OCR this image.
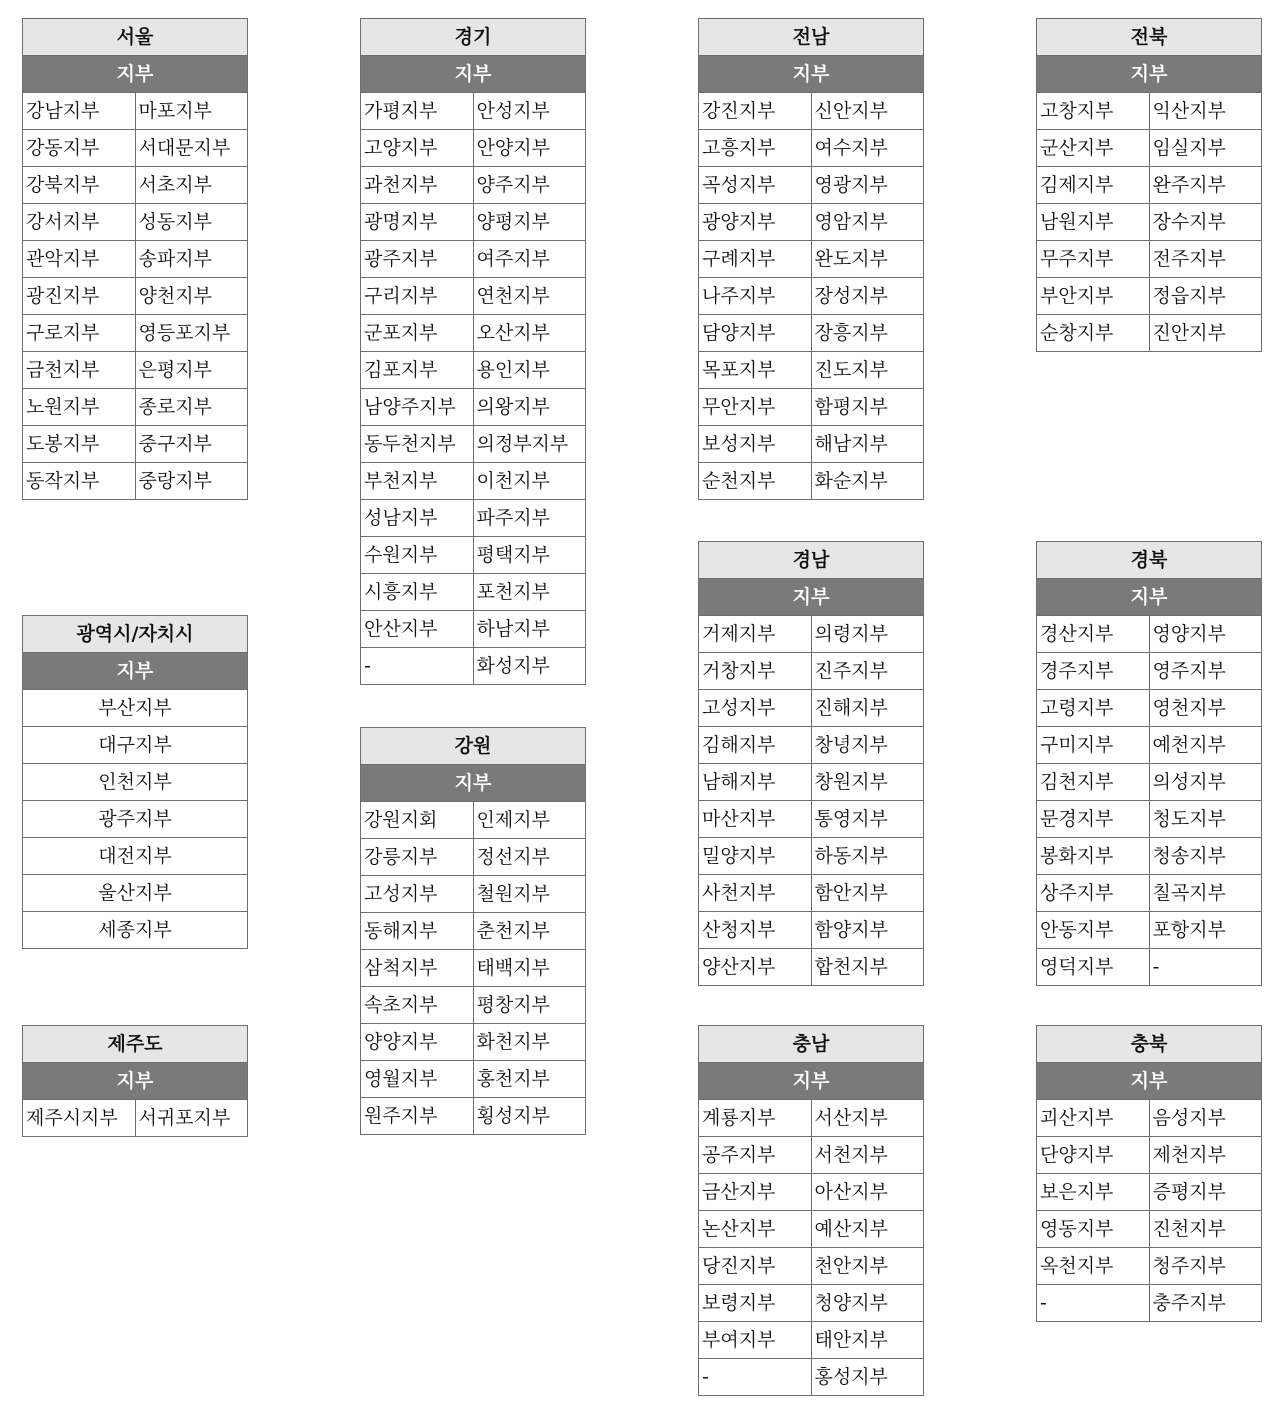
서울	
지부	
강남지부	마포지부
강동지부	서대문지부
강북지부	서초지부
강서지부	성동지부
관악지부	송파지부
광진지부	양천지부
구로지부	영등포지부
금천지부	은평지부
노원지부	종로지부
도봉지부	중구지부
동작지부	중랑지부
경기	
지부	
가평지부	안성지부
고양지부	안양지부
과천지부	양주지부
광명지부	양평지부
광주지부	여주지부
구리지부	연천지부
군포지부	오산지부
김포지부	용인지부
남양주지부	의왕지부
동두천지부	의정부지부
부천지부	이천지부
성남지부	파주지부
수원지부	평택지부
시흥지부	포천지부
안산지부	하남지부
-	화성지부
전남	
지부	
강진지부	신안지부
고흥지부	여수지부
곡성지부	영광지부
광양지부	영암지부
구례지부	완도지부
나주지부	장성지부
담양지부	장흥지부
목포지부	진도지부
무안지부	함평지부
보성지부	해남지부
순천지부	화순지부
전북	
지부	
고창지부	익산지부
군산지부	임실지부
김제지부	완주지부
남원지부	장수지부
무주지부	전주지부
부안지부	정읍지부
순창지부	진안지부
광역시/자치시
지부
부산지부
대구지부
인천지부
광주지부
대전지부
울산지부
세종지부
강원	
지부	
강원지회	인제지부
강릉지부	정선지부
고성지부	철원지부
동해지부	춘천지부
삼척지부	태백지부
속초지부	평창지부
양양지부	화천지부
영월지부	홍천지부
원주지부	횡성지부
경남	
지부	
거제지부	의령지부
거창지부	진주지부
고성지부	진해지부
김해지부	창녕지부
남해지부	창원지부
마산지부	통영지부
밀양지부	하동지부
사천지부	함안지부
산청지부	함양지부
양산지부	합천지부
경북	
지부	
경산지부	영양지부
경주지부	영주지부
고령지부	영천지부
구미지부	예천지부
김천지부	의성지부
문경지부	청도지부
봉화지부	청송지부
상주지부	칠곡지부
안동지부	포항지부
영덕지부	-
제주도
지부
제주시지부	서귀포지부
충남	
지부	
계룡지부	서산지부
공주지부	서천지부
금산지부	아산지부
논산지부	예산지부
당진지부	천안지부
보령지부	청양지부
부여지부	태안지부
-	홍성지부
충북	
지부	
괴산지부	음성지부
단양지부	제천지부
보은지부	증평지부
영동지부	진천지부
옥천지부	청주지부
-	충주지부
